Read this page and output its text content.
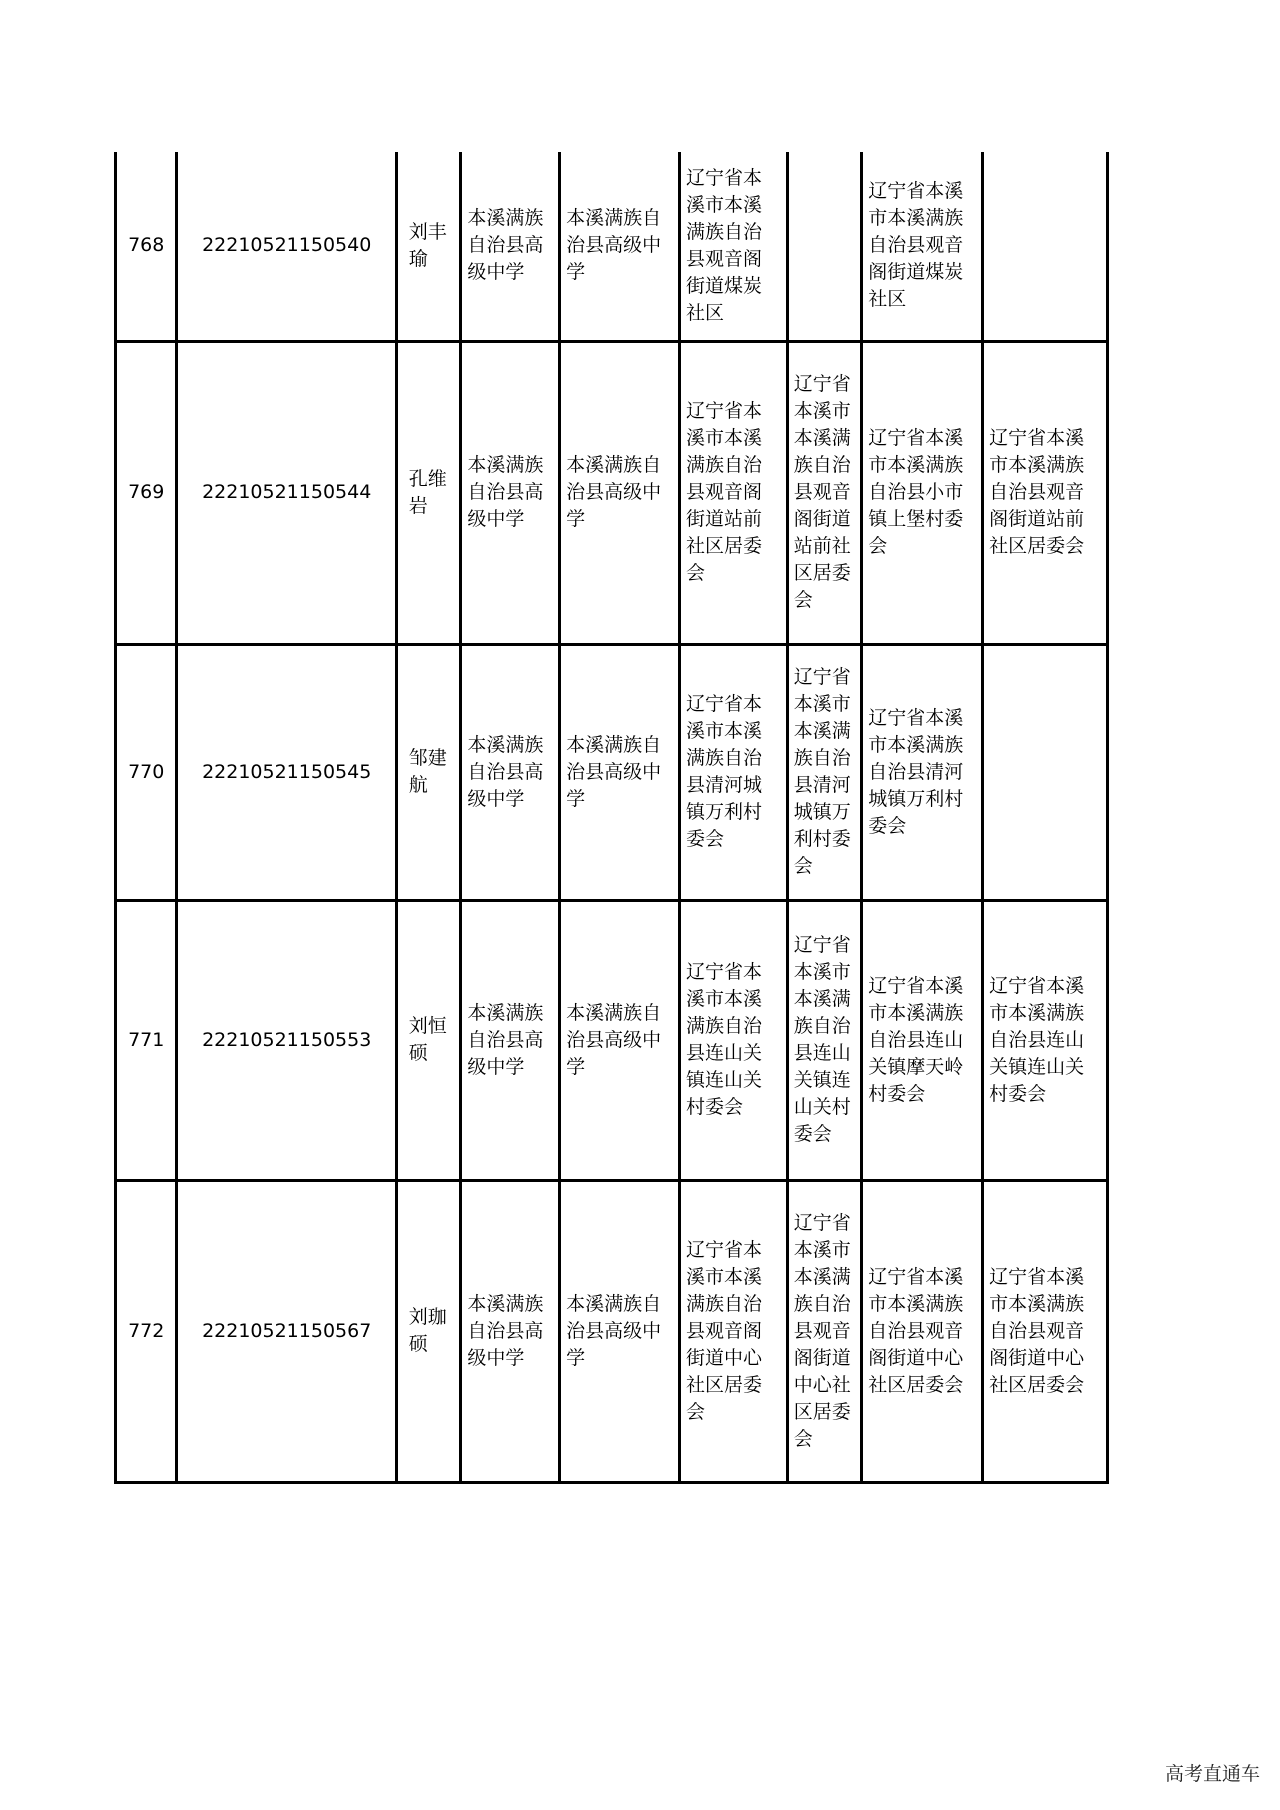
768	22210521150540	刘丰瑜	本溪满族自治县高级中学	本溪满族自治县高级中学	辽宁省本溪市本溪满族自治县观音阁街道煤炭社区		辽宁省本溪市本溪满族自治县观音阁街道煤炭社区	
769	22210521150544	孔维岩	本溪满族自治县高级中学	本溪满族自治县高级中学	辽宁省本溪市本溪满族自治县观音阁街道站前社区居委会	辽宁省本溪市本溪满族自治县观音阁街道站前社区居委会	辽宁省本溪市本溪满族自治县小市镇上堡村委会	辽宁省本溪市本溪满族自治县观音阁街道站前社区居委会
770	22210521150545	邹建航	本溪满族自治县高级中学	本溪满族自治县高级中学	辽宁省本溪市本溪满族自治县清河城镇万利村委会	辽宁省本溪市本溪满族自治县清河城镇万利村委会	辽宁省本溪市本溪满族自治县清河城镇万利村委会	
771	22210521150553	刘恒硕	本溪满族自治县高级中学	本溪满族自治县高级中学	辽宁省本溪市本溪满族自治县连山关镇连山关村委会	辽宁省本溪市本溪满族自治县连山关镇连山关村委会	辽宁省本溪市本溪满族自治县连山关镇摩天岭村委会	辽宁省本溪市本溪满族自治县连山关镇连山关村委会
772	22210521150567	刘珈硕	本溪满族自治县高级中学	本溪满族自治县高级中学	辽宁省本溪市本溪满族自治县观音阁街道中心社区居委会	辽宁省本溪市本溪满族自治县观音阁街道中心社区居委会	辽宁省本溪市本溪满族自治县观音阁街道中心社区居委会	辽宁省本溪市本溪满族自治县观音阁街道中心社区居委会
高考直通车
